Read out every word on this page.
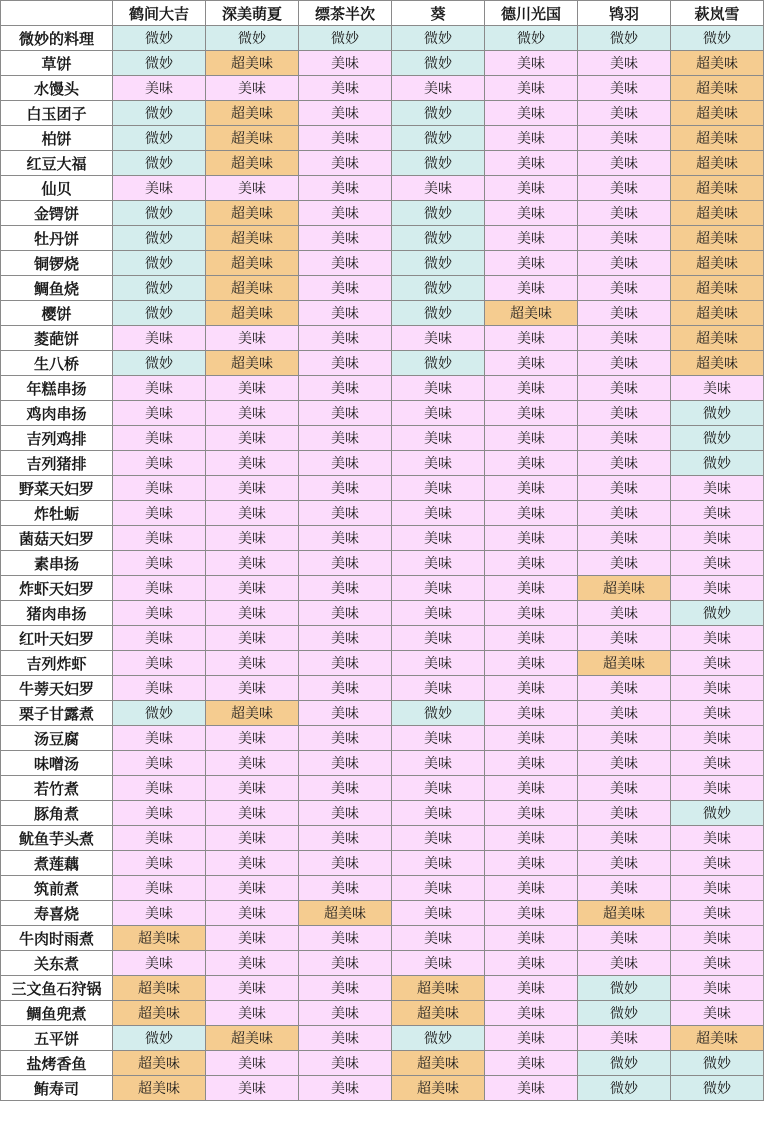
	鹤间大吉	深美萌夏	缥茶半次	葵	德川光国	鸨羽	萩岚雪
微妙的料理	微妙	微妙	微妙	微妙	微妙	微妙	微妙
草饼	微妙	超美味	美味	微妙	美味	美味	超美味
水馒头	美味	美味	美味	美味	美味	美味	超美味
白玉团子	微妙	超美味	美味	微妙	美味	美味	超美味
柏饼	微妙	超美味	美味	微妙	美味	美味	超美味
红豆大福	微妙	超美味	美味	微妙	美味	美味	超美味
仙贝	美味	美味	美味	美味	美味	美味	超美味
金锷饼	微妙	超美味	美味	微妙	美味	美味	超美味
牡丹饼	微妙	超美味	美味	微妙	美味	美味	超美味
铜锣烧	微妙	超美味	美味	微妙	美味	美味	超美味
鲷鱼烧	微妙	超美味	美味	微妙	美味	美味	超美味
樱饼	微妙	超美味	美味	微妙	超美味	美味	超美味
菱葩饼	美味	美味	美味	美味	美味	美味	超美味
生八桥	微妙	超美味	美味	微妙	美味	美味	超美味
年糕串扬	美味	美味	美味	美味	美味	美味	美味
鸡肉串扬	美味	美味	美味	美味	美味	美味	微妙
吉列鸡排	美味	美味	美味	美味	美味	美味	微妙
吉列猪排	美味	美味	美味	美味	美味	美味	微妙
野菜天妇罗	美味	美味	美味	美味	美味	美味	美味
炸牡蛎	美味	美味	美味	美味	美味	美味	美味
菌菇天妇罗	美味	美味	美味	美味	美味	美味	美味
素串扬	美味	美味	美味	美味	美味	美味	美味
炸虾天妇罗	美味	美味	美味	美味	美味	超美味	美味
猪肉串扬	美味	美味	美味	美味	美味	美味	微妙
红叶天妇罗	美味	美味	美味	美味	美味	美味	美味
吉列炸虾	美味	美味	美味	美味	美味	超美味	美味
牛蒡天妇罗	美味	美味	美味	美味	美味	美味	美味
栗子甘露煮	微妙	超美味	美味	微妙	美味	美味	美味
汤豆腐	美味	美味	美味	美味	美味	美味	美味
味噌汤	美味	美味	美味	美味	美味	美味	美味
若竹煮	美味	美味	美味	美味	美味	美味	美味
豚角煮	美味	美味	美味	美味	美味	美味	微妙
鱿鱼芋头煮	美味	美味	美味	美味	美味	美味	美味
煮莲藕	美味	美味	美味	美味	美味	美味	美味
筑前煮	美味	美味	美味	美味	美味	美味	美味
寿喜烧	美味	美味	超美味	美味	美味	超美味	美味
牛肉时雨煮	超美味	美味	美味	美味	美味	美味	美味
关东煮	美味	美味	美味	美味	美味	美味	美味
三文鱼石狩锅	超美味	美味	美味	超美味	美味	微妙	美味
鲷鱼兜煮	超美味	美味	美味	超美味	美味	微妙	美味
五平饼	微妙	超美味	美味	微妙	美味	美味	超美味
盐烤香鱼	超美味	美味	美味	超美味	美味	微妙	微妙
鲔寿司	超美味	美味	美味	超美味	美味	微妙	微妙
